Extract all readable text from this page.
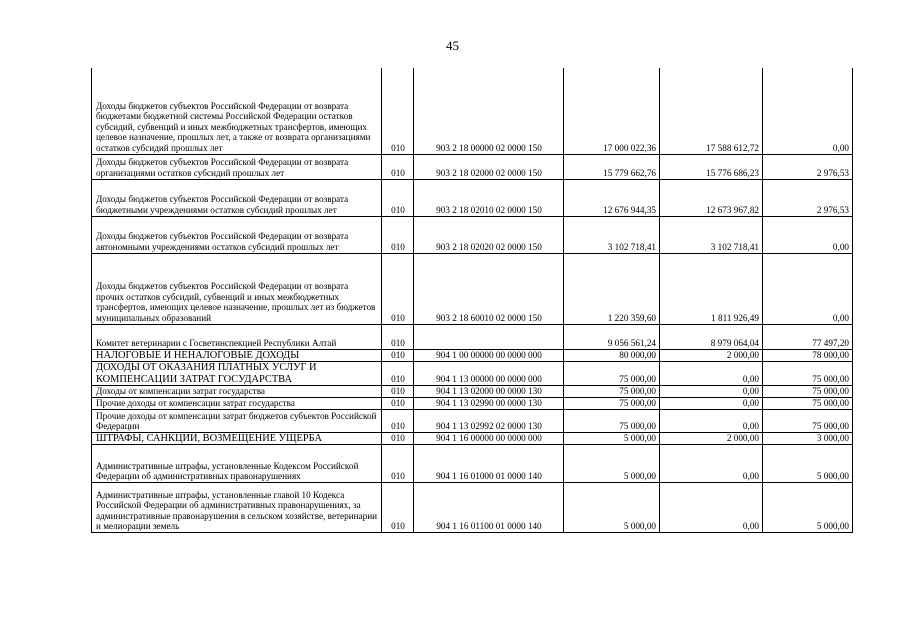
45
Доходы бюджетов субъектов Российской Федерации от возврата бюджетами бюджетной системы Российской Федерации остатков субсидий, субвенций и иных межбюджетных трансфертов, имеющих целевое назначение, прошлых лет, а также от возврата организациями остатков субсидий прошлых лет	010	903 2 18 00000 02 0000 150	17 000 022,36	17 588 612,72	0,00
Доходы бюджетов субъектов Российской Федерации от возврата организациями остатков субсидий прошлых лет	010	903 2 18 02000 02 0000 150	15 779 662,76	15 776 686,23	2 976,53
Доходы бюджетов субъектов Российской Федерации от возврата бюджетными учреждениями остатков субсидий прошлых лет	010	903 2 18 02010 02 0000 150	12 676 944,35	12 673 967,82	2 976,53
Доходы бюджетов субъектов Российской Федерации от возврата автономными учреждениями остатков субсидий прошлых лет	010	903 2 18 02020 02 0000 150	3 102 718,41	3 102 718,41	0,00
Доходы бюджетов субъектов Российской Федерации от возврата прочих остатков субсидий, субвенций и иных межбюджетных трансфертов, имеющих целевое назначение, прошлых лет из бюджетов муниципальных образований	010	903 2 18 60010 02 0000 150	1 220 359,60	1 811 926,49	0,00
Комитет ветеринарии с Госветинспекцией Республики Алтай	010		9 056 561,24	8 979 064,04	77 497,20
НАЛОГОВЫЕ И НЕНАЛОГОВЫЕ ДОХОДЫ	010	904 1 00 00000 00 0000 000	80 000,00	2 000,00	78 000,00
ДОХОДЫ ОТ ОКАЗАНИЯ ПЛАТНЫХ УСЛУГ И КОМПЕНСАЦИИ ЗАТРАТ ГОСУДАРСТВА	010	904 1 13 00000 00 0000 000	75 000,00	0,00	75 000,00
Доходы от компенсации затрат государства	010	904 1 13 02000 00 0000 130	75 000,00	0,00	75 000,00
Прочие доходы от компенсации затрат государства	010	904 1 13 02990 00 0000 130	75 000,00	0,00	75 000,00
Прочие доходы от компенсации затрат бюджетов субъектов Российской Федерации	010	904 1 13 02992 02 0000 130	75 000,00	0,00	75 000,00
ШТРАФЫ, САНКЦИИ, ВОЗМЕЩЕНИЕ УЩЕРБА	010	904 1 16 00000 00 0000 000	5 000,00	2 000,00	3 000,00
Административные штрафы, установленные Кодексом Российской Федерации об административных правонарушениях	010	904 1 16 01000 01 0000 140	5 000,00	0,00	5 000,00
Административные штрафы, установленные главой 10 Кодекса Российской Федерации об административных правонарушениях, за административные правонарушения в сельском хозяйстве, ветеринарии и мелиорации земель	010	904 1 16 01100 01 0000 140	5 000,00	0,00	5 000,00
